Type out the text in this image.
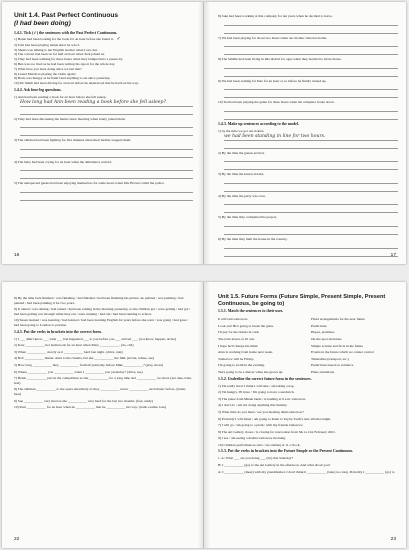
Unit 1.4. Past Perfect Continuous
(I had been doing)
1.4.1. Tick (✓) the sentences with the Past Perfect Continuous.
1) Helen had been looking for the book for an hour before she found it. ✓
2) Tom had been playing tennis since he was 5.
3) Sheila was talking to her English teacher when I saw her.
4) The concert had been on for half an hour when Jack joined us.
5) They had been walking for three hours when they bumped into a passer-by.
6) Ben was too tired as he had been writing his report for the whole day.
7) What have you been doing since we last met?
8) Lionel Martin is playing the violin again!
9) Boris was hungry as he hadn't had anything to eat since yesterday.
10) Mr Smith had been driving for an hour before he understood that he had lost his way.
1.4.2. Ask four-leg questions.
1) Ann had been reading a book for an hour before she fell asleep.
How long had Ann been reading a book before she fell asleep?
2) They had been discussing the matter since morning when Jenny joined them.
3) The children had been fighting for five minutes when their mother stopped them.
4) The baby had been crying for an hour when the ambulance arrived.
5) The unexpected guests had been enjoying themselves for some hours when Mrs Brown called the police.
16
8) Jake had been working at this company for ten years when he decided to leave.
7) We had been playing for about two hours when our mother called us home.
8) The Smiths had been living in this district for ages when they decided to move house.
9) We had been waiting for Pete for an hour or so before he finally turned up.
10) Ted had been playing the game for three hours when his computer broke down.
1.4.3. Make up sentences according to the model.
1) by the time we got our tickets,
we had been standing in line for two hours.
2) By the time the guests arrived,
3) By the time the lesson started,
4) By the time the party was over,
5) By the time they completed the project,
6) By the time they built the house in the country,
17
8) By the time Jack finished / was finishing / had finished / had been finishing his picture, he painted / was painting / had painted / had been painting it for two years.
9) It rained / was raining / had rained / had been raining in the morning yesterday, so the children got / were getting / had got / had been getting wet through while they ran / were running / had run / had been running to school.
10) Susan learned / was learning / had learned / had been learning English for years before she went / was going / had gone / had been going to London to practise.
1.4.5. Put the verbs in brackets into the correct form.
1) I ___ didn't know ___ what ___ had happened ___ to you before you ___ arrived ___. (not know, happen, arrive)
2) Kate ___________ her homework for an hour when Mary ___________. (do, call)
3) When ___________ slowly as it ___________ hard last night. (drive, rain)
4) Bob ___________ dinner. Aunt to the cinema, but she ___________ the film. (invite, refuse, see)
5) How long ___________ they ___________ football yesterday before Mike ___________? (play, move)
6) Where ___________ you ___________ when I ___________ you yesterday? (drive, see)
7) Helen ___________ part in the competition as she ___________ for a long time and ___________ too tired. (not take, train, feel)
8) The children ___________ to the opera attentively as they ___________ never ___________ such music before. (listen, hear)
9) Sue ___________ very tired as she ___________ very hard for the last two months. (feel, study)
10) Paul ___________ for an hour when he ___________ that he ___________ his way. (walk, realise, lose)
22
Unit 1.5. Future Forms (Future Simple, Present Simple, Present Continuous, be going to)
1.5.1. Match the sentences to their uses.
It will rain tomorrow.
Look out! He's going to break the glass.
I'll pay for the tickets in cash.
The train leaves at 10 a.m.
I hope he'll change his mind.
Alan is working from home next week.
Tomorrow will be Friday.
I'm going to swim in the evening.
She's going to be a dancer when she grows up.
Fixed arrangements for the near future
Predictions
Hopes, promises
On-the-spot decisions
Simple actions and facts in the future
Events in the future which we cannot control
Timetables (transport, etc.)
Predictions based on evidence
Plans, intentions
1.5.2. Underline the correct future form in the sentences.
1) I'm really tired. I think I will take / am taking a nap.
2) I'm hungry. I'll have / I'm going to have a sandwich.
3) The plane from Minsk lands / is landing at 9 a.m. tomorrow.
4) I don't do / am not doing anything this Sunday.
5) What time do you meet / are you meeting them tomorrow?
6) Probably I will listen / am going to listen to Taylor Swift's new album tonight.
7) I will go / am going to a picnic with my friends tomorrow.
8) The Art Gallery closes / is closing for renovation from 5th to 21st February 2021.
9) I see / am seeing a dentist tomorrow morning.
10) Children performances start / are starting at 11 o'clock.
1.5.3. Put the verbs in brackets into the Future Simple or the Present Continuous.
1. A: What ___ are you doing ___ (do) this Saturday?
B: I ___________ (go) to the Art Gallery in the afternoon. And what about you?
A: I ___________ (meet) with my grandmother. I don't think it ___________ (take) too long. Probably I ___________ (go) to
23
